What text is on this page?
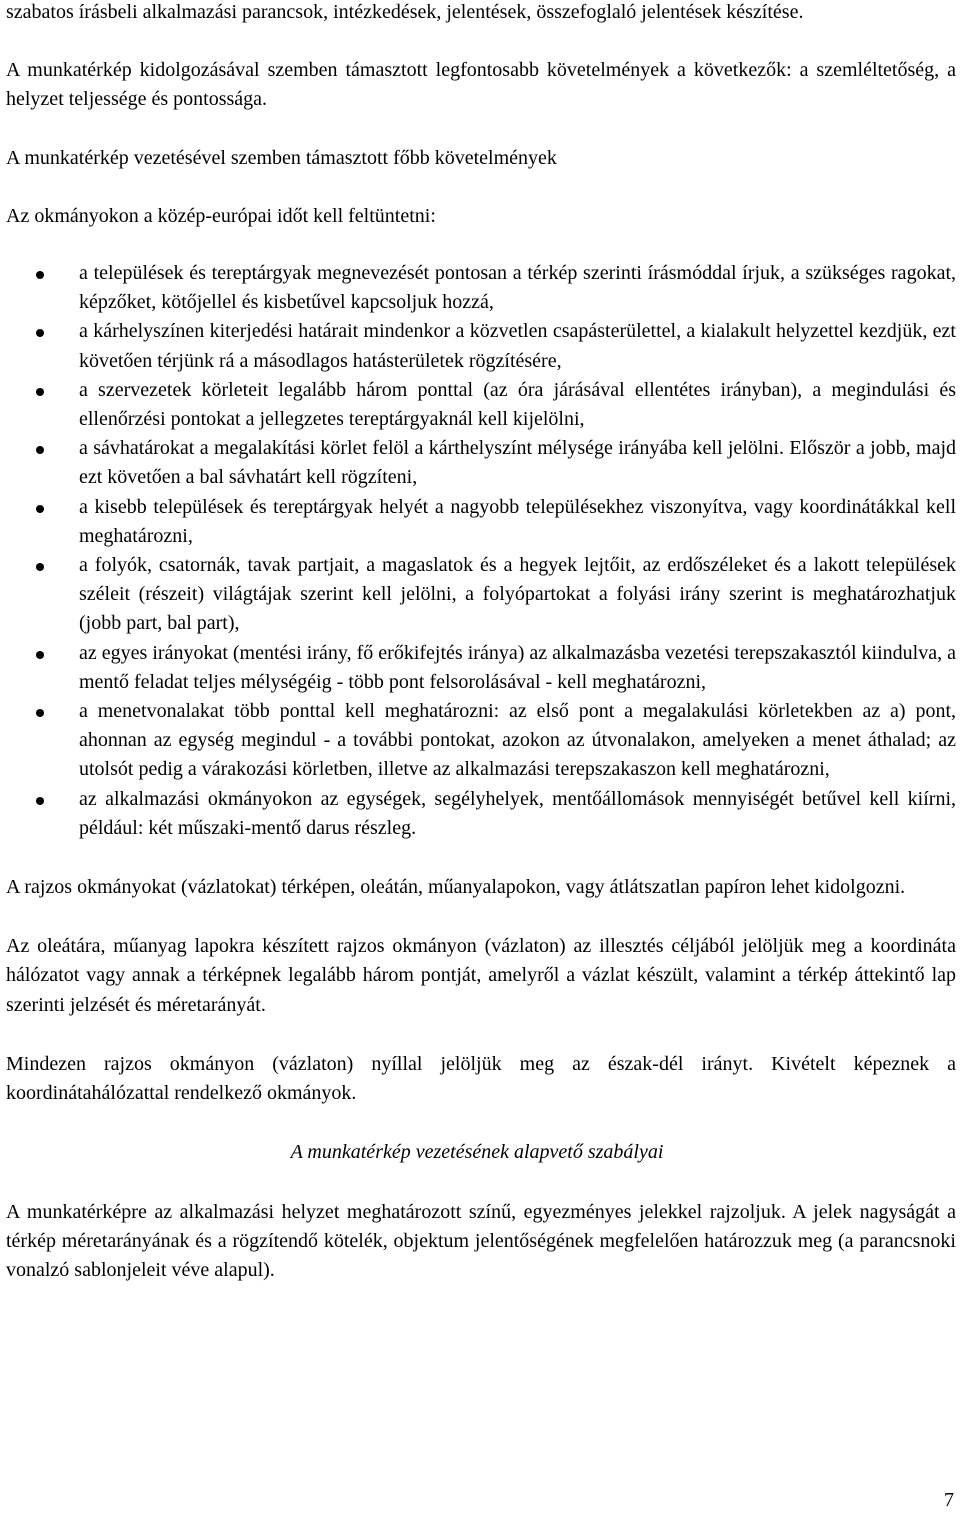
szabatos írásbeli alkalmazási parancsok, intézkedések, jelentések, összefoglaló jelentések készítése.

A munkatérkép kidolgozásával szemben támasztott legfontosabb követelmények a következők: a szemléltetőség, a helyzet teljessége és pontossága.

A munkatérkép vezetésével szemben támasztott főbb követelmények

Az okmányokon a közép-európai időt kell feltüntetni:

a települések és tereptárgyak megnevezését pontosan a térkép szerinti írásmóddal írjuk, a szükséges ragokat, képzőket, kötőjellel és kisbetűvel kapcsoljuk hozzá,
a kárhelyszínen kiterjedési határait mindenkor a közvetlen csapásterülettel, a kialakult helyzettel kezdjük, ezt követően térjünk rá a másodlagos hatásterületek rögzítésére,
a szervezetek körleteit legalább három ponttal (az óra járásával ellentétes irányban), a megindulási és ellenőrzési pontokat a jellegzetes tereptárgyaknál kell kijelölni,
a sávhatárokat a megalakítási körlet felöl a kárthelyszínt mélysége irányába kell jelölni. Először a jobb, majd ezt követően a bal sávhatárt kell rögzíteni,
a kisebb települések és tereptárgyak helyét a nagyobb településekhez viszonyítva, vagy koordinátákkal kell meghatározni,
a folyók, csatornák, tavak partjait, a magaslatok és a hegyek lejtőit, az erdőszéleket és a lakott települések széleit (részeit) világtájak szerint kell jelölni, a folyópartokat a folyási irány szerint is meghatározhatjuk (jobb part, bal part),
az egyes irányokat (mentési irány, fő erőkifejtés iránya) az alkalmazásba vezetési terepszakasztól kiindulva, a mentő feladat teljes mélységéig - több pont felsorolásával - kell meghatározni,
a menetvonalakat több ponttal kell meghatározni: az első pont a megalakulási körletekben az a) pont, ahonnan az egység megindul - a további pontokat, azokon az útvonalakon, amelyeken a menet áthalad; az utolsót pedig a várakozási körletben, illetve az alkalmazási terepszakaszon kell meghatározni,
az alkalmazási okmányokon az egységek, segélyhelyek, mentőállomások mennyiségét betűvel kell kiírni, például: két műszaki-mentő darus részleg.

A rajzos okmányokat (vázlatokat) térképen, oleátán, műanyalapokon, vagy átlátszatlan papíron lehet kidolgozni.

Az oleátára, műanyag lapokra készített rajzos okmányon (vázlaton) az illesztés céljából jelöljük meg a koordináta hálózatot vagy annak a térképnek legalább három pontját, amelyről a vázlat készült, valamint a térkép áttekintő lap szerinti jelzését és méretarányát.

Mindezen rajzos okmányon (vázlaton) nyíllal jelöljük meg az észak-dél irányt. Kivételt képeznek a koordinátahálózattal rendelkező okmányok.

A munkatérkép vezetésének alapvető szabályai

A munkatérképre az alkalmazási helyzet meghatározott színű, egyezményes jelekkel rajzoljuk. A jelek nagyságát a térkép méretarányának és a rögzítendő kötelék, objektum jelentőségének megfelelően határozzuk meg (a parancsnoki vonalzó sablonjeleit véve alapul).

7
